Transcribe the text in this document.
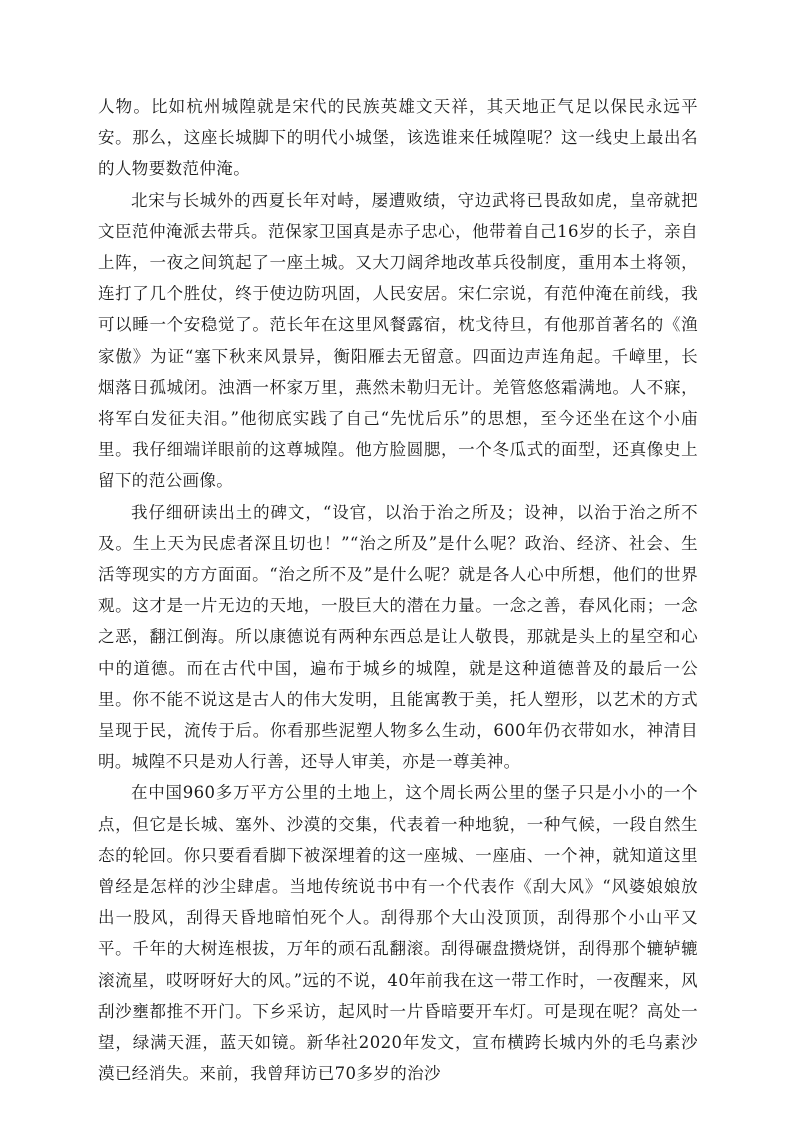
人物。比如杭州城隍就是宋代的民族英雄文天祥，其天地正气足以保民永远平安。那么，这座长城脚下的明代小城堡，该选谁来任城隍呢？这一线史上最出名的人物要数范仲淹。

北宋与长城外的西夏长年对峙，屡遭败绩，守边武将已畏敌如虎，皇帝就把文臣范仲淹派去带兵。范保家卫国真是赤子忠心，他带着自己16岁的长子，亲自上阵，一夜之间筑起了一座土城。又大刀阔斧地改革兵役制度，重用本土将领，连打了几个胜仗，终于使边防巩固，人民安居。宋仁宗说，有范仲淹在前线，我可以睡一个安稳觉了。范长年在这里风餐露宿，枕戈待旦，有他那首著名的《渔家傲》为证“塞下秋来风景异，衡阳雁去无留意。四面边声连角起。千嶂里，长烟落日孤城闭。浊酒一杯家万里，燕然未勒归无计。羌管悠悠霜满地。人不寐，将军白发征夫泪。”他彻底实践了自己“先忧后乐”的思想，至今还坐在这个小庙里。我仔细端详眼前的这尊城隍。他方脸圆腮，一个冬瓜式的面型，还真像史上留下的范公画像。

我仔细研读出土的碑文，“设官，以治于治之所及；设神，以治于治之所不及。生上天为民虑者深且切也！”“治之所及”是什么呢？政治、经济、社会、生活等现实的方方面面。“治之所不及”是什么呢？就是各人心中所想，他们的世界观。这才是一片无边的天地，一股巨大的潜在力量。一念之善，春风化雨；一念之恶，翻江倒海。所以康德说有两种东西总是让人敬畏，那就是头上的星空和心中的道德。而在古代中国，遍布于城乡的城隍，就是这种道德普及的最后一公里。你不能不说这是古人的伟大发明，且能寓教于美，托人塑形，以艺术的方式呈现于民，流传于后。你看那些泥塑人物多么生动，600年仍衣带如水，神清目明。城隍不只是劝人行善，还导人审美，亦是一尊美神。

在中国960多万平方公里的土地上，这个周长两公里的堡子只是小小的一个点，但它是长城、塞外、沙漠的交集，代表着一种地貌，一种气候，一段自然生态的轮回。你只要看看脚下被深埋着的这一座城、一座庙、一个神，就知道这里曾经是怎样的沙尘肆虐。当地传统说书中有一个代表作《刮大风》“风婆娘娘放出一股风，刮得天昏地暗怕死个人。刮得那个大山没顶顶，刮得那个小山平又平。千年的大树连根拔，万年的顽石乱翻滚。刮得碾盘攒烧饼，刮得那个辘轳辘滚流星，哎呀呀好大的风。”远的不说，40年前我在这一带工作时，一夜醒来，风刮沙壅都推不开门。下乡采访，起风时一片昏暗要开车灯。可是现在呢？高处一望，绿满天涯，蓝天如镜。新华社2020年发文，宣布横跨长城内外的毛乌素沙漠已经消失。来前，我曾拜访已70多岁的治沙
